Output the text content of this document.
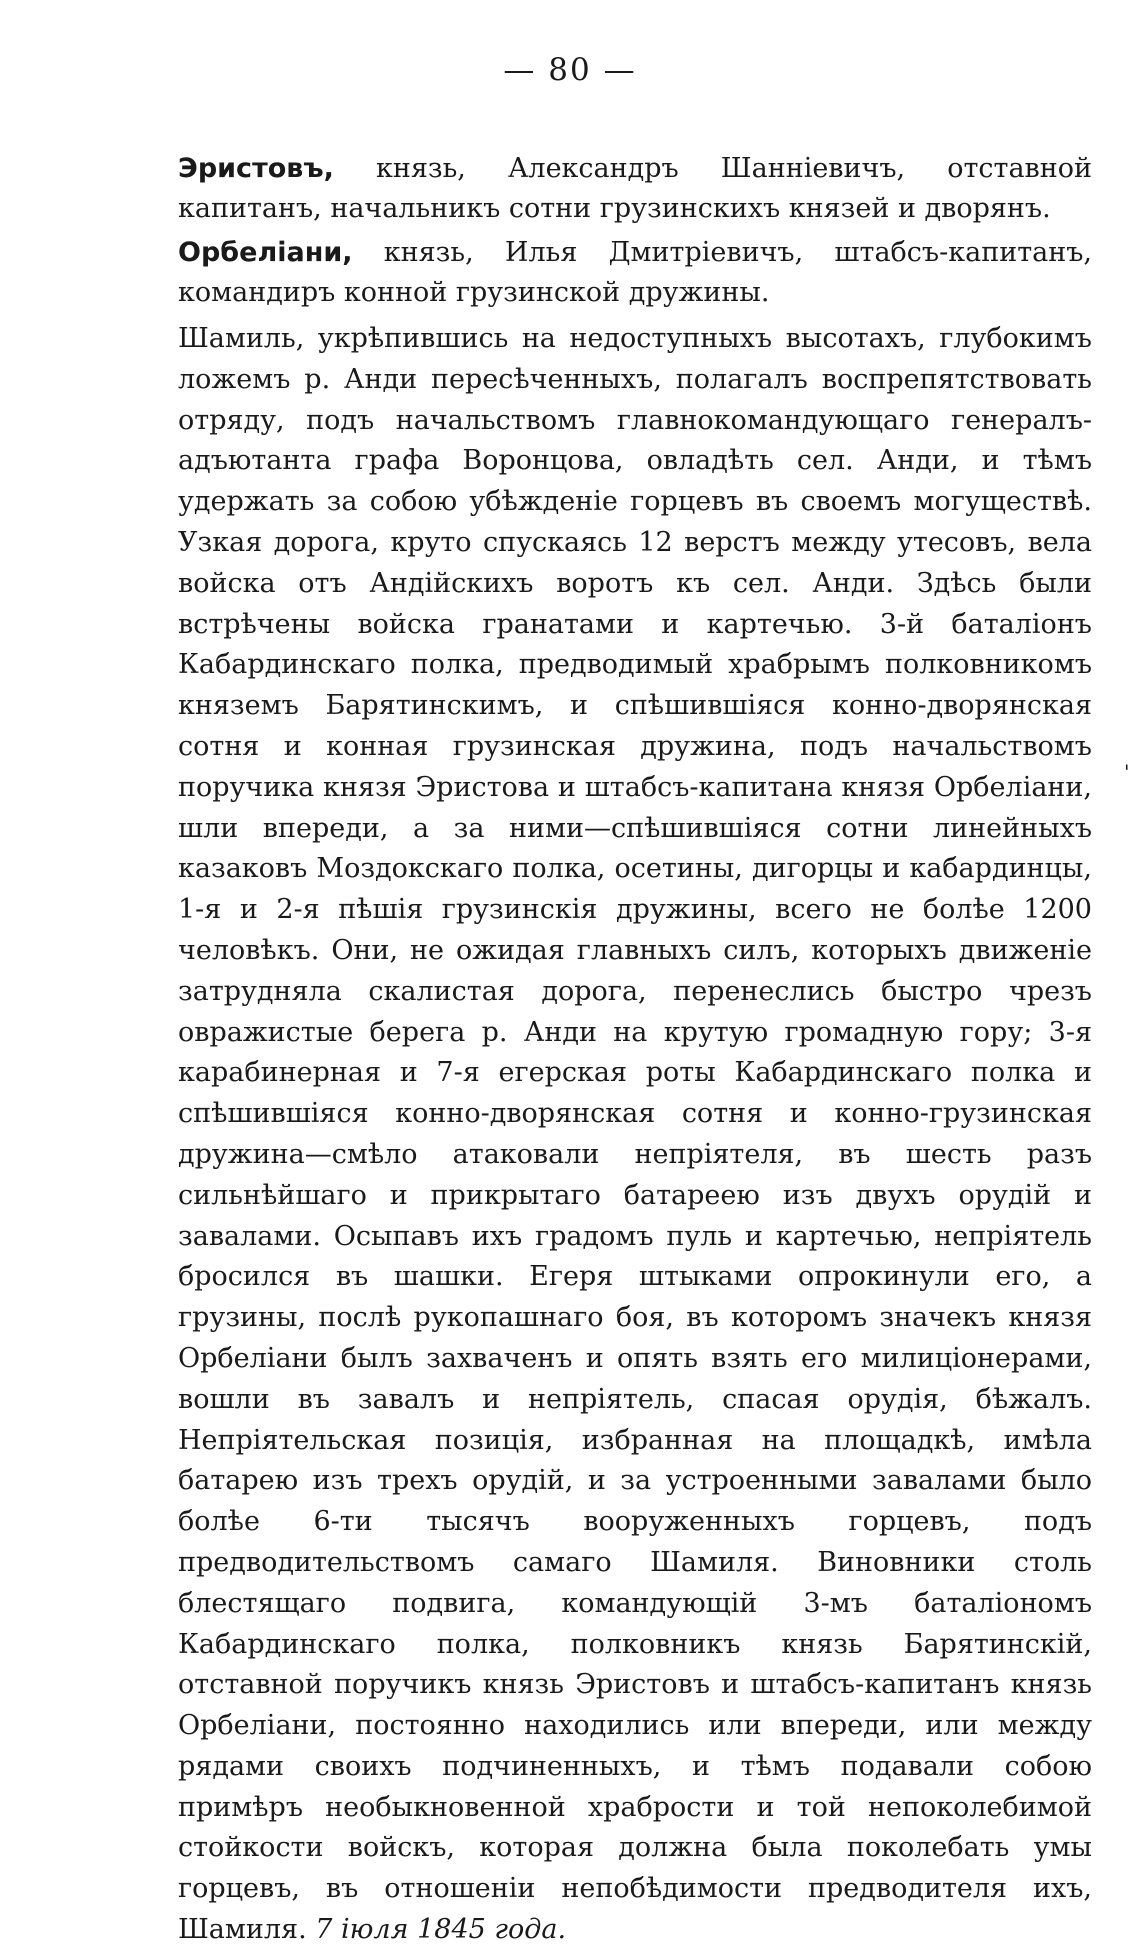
— 80 —

Эристовъ, князь, Александръ Шанніевичъ, отставной капитанъ, начальникъ сотни грузинскихъ князей и дворянъ.

Орбеліани, князь, Илья Дмитріевичъ, штабсъ-капитанъ, командиръ конной грузинской дружины.

Шамиль, укрѣпившись на недоступныхъ высотахъ, глубокимъ ложемъ р. Анди пересѣченныхъ, полагалъ воспрепятствовать отряду, подъ начальствомъ главнокомандующаго генералъ-адъютанта графа Воронцова, овладѣть сел. Анди, и тѣмъ удержать за собою убѣжденіе горцевъ въ своемъ могуществѣ. Узкая дорога, круто спускаясь 12 верстъ между утесовъ, вела войска отъ Андійскихъ воротъ къ сел. Анди. Здѣсь были встрѣчены войска гранатами и картечью. 3-й баталіонъ Кабардинскаго полка, предводимый храбрымъ полковникомъ княземъ Барятинскимъ, и спѣшившіяся конно-дворянская сотня и конная грузинская дружина, подъ начальствомъ поручика князя Эристова и штабсъ-капитана князя Орбеліани, шли впереди, а за ними—спѣшившіяся сотни линейныхъ казаковъ Моздокскаго полка, осетины, дигорцы и кабардинцы, 1-я и 2-я пѣшія грузинскія дружины, всего не болѣе 1200 человѣкъ. Они, не ожидая главныхъ силъ, которыхъ движеніе затрудняла скалистая дорога, перенеслись быстро чрезъ овражистые берега р. Анди на крутую громадную гору; 3-я карабинерная и 7-я егерская роты Кабардинскаго полка и спѣшившіяся конно-дворянская сотня и конно-грузинская дружина—смѣло атаковали непріятеля, въ шесть разъ сильнѣйшаго и прикрытаго батареею изъ двухъ орудій и завалами. Осыпавъ ихъ градомъ пуль и картечью, непріятель бросился въ шашки. Егеря штыками опрокинули его, а грузины, послѣ рукопашнаго боя, въ которомъ значекъ князя Орбеліани былъ захваченъ и опять взять его милиціонерами, вошли въ завалъ и непріятель, спасая орудія, бѣжалъ. Непріятельская позиція, избранная на площадкѣ, имѣла батарею изъ трехъ орудій, и за устроенными завалами было болѣе 6-ти тысячъ вооруженныхъ горцевъ, подъ предводительствомъ самаго Шамиля. Виновники столь блестящаго подвига, командующій 3-мъ баталіономъ Кабардинскаго полка, полковникъ князь Барятинскій, отставной поручикъ князь Эристовъ и штабсъ-капитанъ князь Орбеліани, постоянно находились или впереди, или между рядами своихъ подчиненныхъ, и тѣмъ подавали собою примѣръ необыкновенной храбрости и той непоколебимой стойкости войскъ, которая должна была поколебать умы горцевъ, въ отношеніи непобѣдимости предводителя ихъ, Шамиля. 7 іюля 1845 года.

'
